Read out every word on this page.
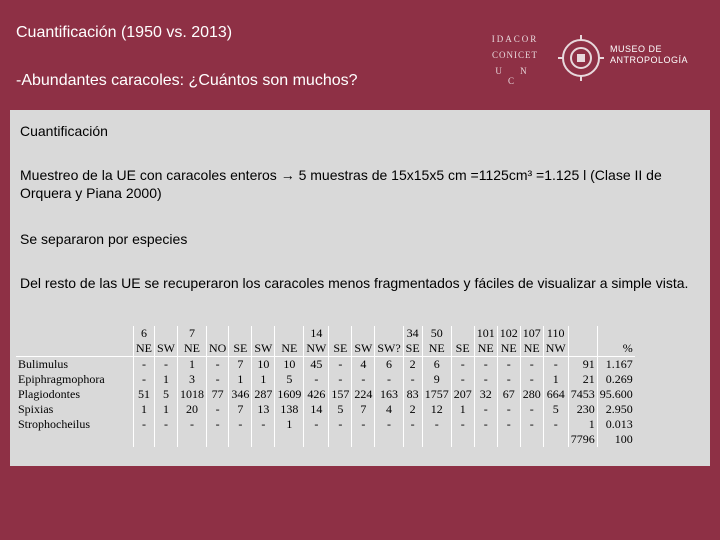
Cuantificación (1950 vs. 2013)
-Abundantes caracoles: ¿Cuántos son muchos?
IDACOR
CONICET
U N C
MUSEO DE
ANTROPOLOGÍA
Cuantificación
Muestreo de la UE con caracoles enteros → 5 muestras de 15x15x5 cm =1125cm³ =1.125 l (Clase II de Orquera y Piana 2000)
Se separaron por especies
Del resto de las UE se recuperaron los caracoles menos fragmentados y fáciles de visualizar a simple vista.
	6		7					14				34	50		101	102	107	110		
	NE	SW	NE	NO	SE	SW	NE	NW	SE	SW	SW?	SE	NE	SE	NE	NE	NE	NW		%
Bulimulus	-	-	1	-	7	10	10	45	-	4	6	2	6	-	-	-	-	-	91	1.167
Epiphragmophora	-	1	3	-	1	1	5	-	-	-	-	-	9	-	-	-	-	1	21	0.269
Plagiodontes	51	5	1018	77	346	287	1609	426	157	224	163	83	1757	207	32	67	280	664	7453	95.600
Spixias	1	1	20	-	7	13	138	14	5	7	4	2	12	1	-	-	-	5	230	2.950
Strophocheilus	-	-	-	-	-	-	1	-	-	-	-	-	-	-	-	-	-	-	1	0.013
																			7796	100
